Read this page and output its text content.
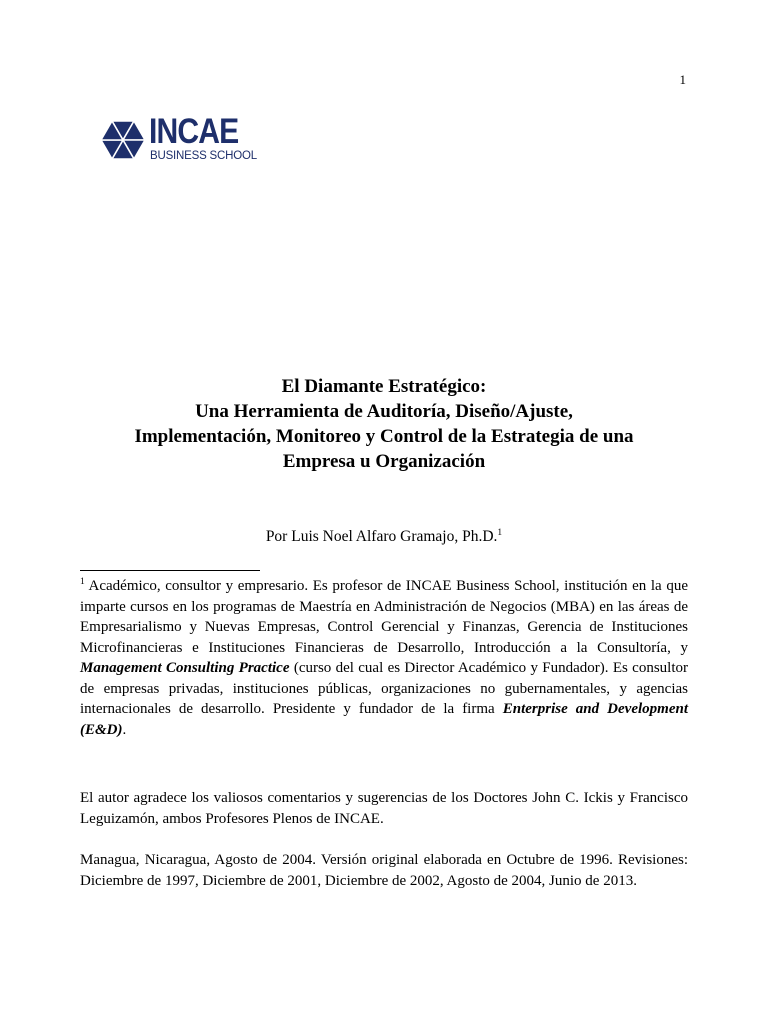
1
INCAE
BUSINESS SCHOOL
El Diamante Estratégico:
Una Herramienta de Auditoría, Diseño/Ajuste,
Implementación, Monitoreo y Control de la Estrategia de una
Empresa u Organización
Por Luis Noel Alfaro Gramajo, Ph.D.$^1$
$^1$ Académico, consultor y empresario. Es profesor de INCAE Business School, institución en la que imparte cursos en los programas de Maestría en Administración de Negocios (MBA) en las áreas de Empresarialismo y Nuevas Empresas, Control Gerencial y Finanzas, Gerencia de Instituciones Microfinancieras e Instituciones Financieras de Desarrollo, Introducción a la Consultoría, y Management Consulting Practice (curso del cual es Director Académico y Fundador). Es consultor de empresas privadas, instituciones públicas, organizaciones no gubernamentales, y agencias internacionales de desarrollo. Presidente y fundador de la firma Enterprise and Development (E&D).
El autor agradece los valiosos comentarios y sugerencias de los Doctores John C. Ickis y Francisco Leguizamón, ambos Profesores Plenos de INCAE.
Managua, Nicaragua, Agosto de 2004. Versión original elaborada en Octubre de 1996. Revisiones: Diciembre de 1997, Diciembre de 2001, Diciembre de 2002, Agosto de 2004, Junio de 2013.
